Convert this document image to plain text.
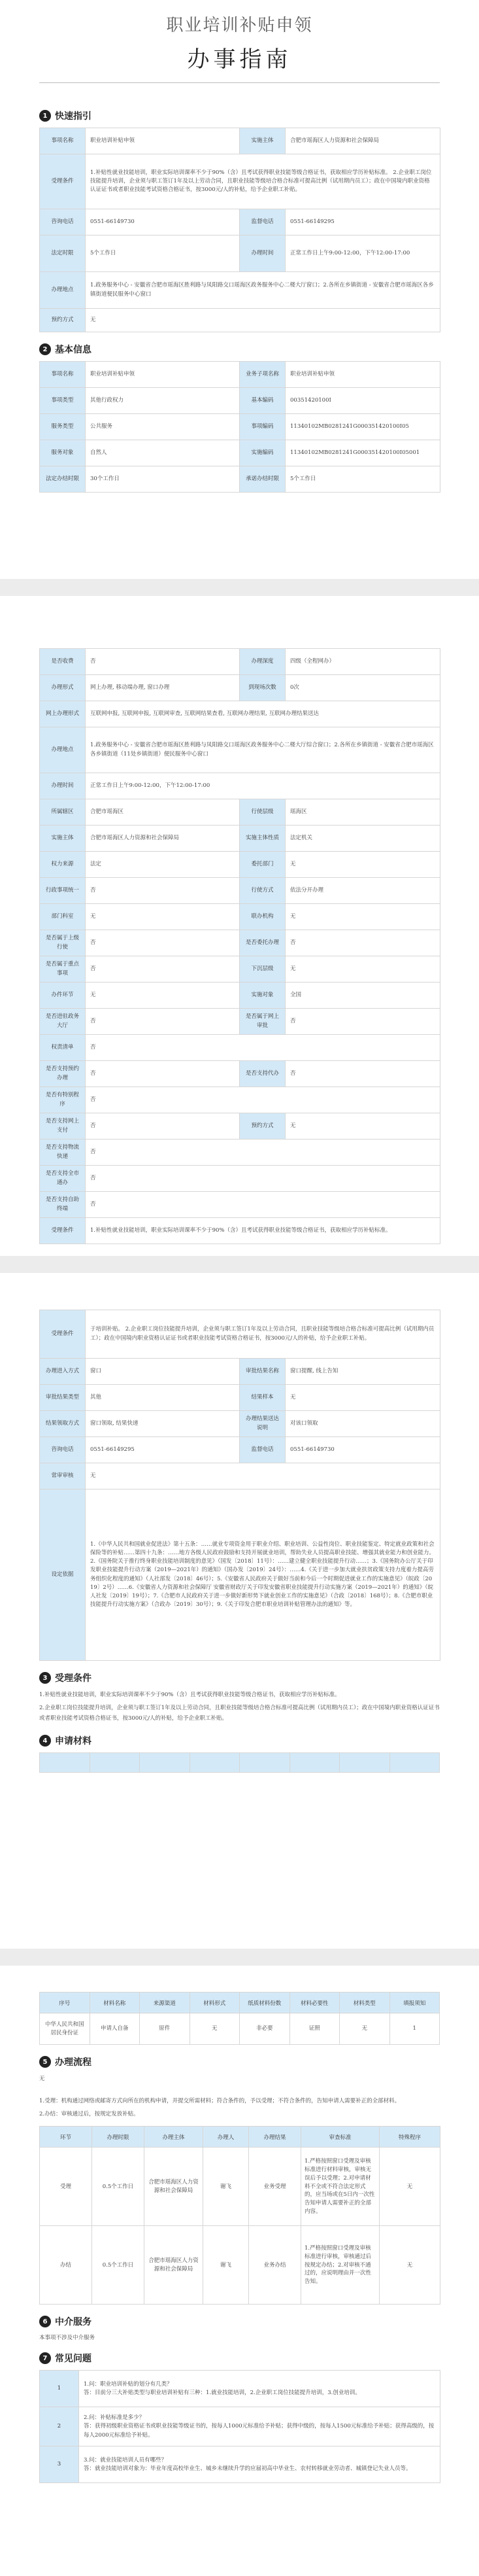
职业培训补贴申领
办事指南
1 快速指引
事项名称	职业培训补贴申领	实施主体	合肥市瑶海区人力资源和社会保障局
受理条件	1.补贴性就业技能培训，职业实际培训课率不少于90%（含）且考试获得职业技能等级合格证书，获取相应学历补贴标准。 2.企业职工岗位技能提升培训，企业须与职工签订1年及以上劳动合同，且职业技能等级培合格合标准可提高比例（试用期内员工）；政在中国境内职业资格认证证书或者职业技能考试资格合格证书，按3000元/人的补贴，给予企业职工补贴。		
咨询电话	0551-66149730	监督电话	0551-66149295
法定时限	5个工作日	办理时间	正常工作日上午9:00-12:00，下午12:00-17:00
办理地点	1.政务服务中心 - 安徽省合肥市瑶海区胜利路与凤阳路交口瑶海区政务服务中心二楼大厅窗口；2.各所在乡镇街道 - 安徽省合肥市瑶海区各乡镇街道便民服务中心窗口		
预约方式	无		
2 基本信息
事项名称	职业培训补贴申领	业务子项名称	职业培训补贴申领
事项类型	其他行政权力	基本编码	00351420100I
服务类型	公共服务	事项编码	11340102MB0281241G000351420100I05
服务对象	自然人	实施编码	11340102MB0281241G000351420100I05001
法定办结时限	30个工作日	承诺办结时限	5个工作日
是否收费	否	办理深度	四级（全程网办）
办理形式	网上办理, 移动端办理, 窗口办理	到现场次数	0次
网上办理形式	互联网申报, 互联网申报, 互联网审查, 互联网结果查看, 互联网办理结果, 互联网办理结果送达		
办理地点	1.政务服务中心 - 安徽省合肥市瑶海区胜利路与凤阳路交口瑶海区政务服务中心二楼大厅综合窗口；2.各所在乡镇街道 - 安徽省合肥市瑶海区各乡镇街道（11处乡镇街道）便民服务中心窗口		
办理时间	正常工作日上午9:00-12:00，下午12:00-17:00		
所属辖区	合肥市瑶海区	行使层级	瑶海区
实施主体	合肥市瑶海区人力资源和社会保障局	实施主体性质	法定机关
权力来源	法定	委托部门	无
行政事项统一	否	行使方式	依法分开办理
部门科室	无	联办机构	无
是否属于上级行使	否	是否委托办理	否
是否属于重点事项	否	下沉层级	无
办件环节	无	实施对象	全国
是否进驻政务大厅	否	是否属于网上审批	否
权责清单	否		
是否支持预约办理	否	是否支持代办	否
是否有特别程序	否		
是否支持网上支付	否	预约方式	无
是否支持物流快递	否		
是否支持全市通办	否		
是否支持自助终端	否		
受理条件	1.补贴性就业技能培训，职业实际培训课率不少于90%（含）且考试获得职业技能等级合格证书，获取相应学历补贴标准。		
受理条件	于培训补贴。 2.企业职工岗位技能提升培训，企业须与职工签订1年及以上劳动合同，且职业技能等级培合格合标准可提高比例（试用期内员工）；政在中国境内职业资格认证证书或者职业技能考试资格合格证书，按3000元/人的补贴，给予企业职工补贴。		
办理进入方式	窗口	审批结果名称	窗口提醒, 线上告知
审批结果类型	其他	结果样本	无
结果领取方式	窗口领取, 结果快递	办理结果送达说明	对该口领取
咨询电话	0551-66149295	监督电话	0551-66149730
常审审核	无		
设定依据	1.《中华人民共和国就业促进法》第十五条：……就业专项资金用于职业介绍、职业培训、公益性岗位、职业技能鉴定、特定就业政策和社会保险等的补贴……第四十九条：……地方各级人民政府鼓励和支持开展就业培训，帮助失业人员提高职业技能、增强其就业能力和创业能力。2.《国务院关于推行终身职业技能培训制度的意见》（国发〔2018〕11号）：……建立健全职业技能提升行动……；3.《国务院办公厅关于印发职业技能提升行动方案（2019—2021年）的通知》（国办发〔2019〕24号）：……4.《关于进一步加大就业扶贫政策支持力度着力提高劳务组织化程度的通知》（人社部发〔2018〕46号）；5.《安徽省人民政府关于做好当前和今后一个时期促进就业工作的实施意见》（皖政〔2019〕2号）……6.《安徽省人力资源和社会保障厅 安徽省财政厅关于印发安徽省职业技能提升行动实施方案（2019—2021年）的通知》（皖人社发〔2019〕19号）；7.《合肥市人民政府关于进一步做好新形势下就业创业工作的实施意见》（合政〔2018〕168号）；8.《合肥市职业技能提升行动实施方案》（合政办〔2019〕30号）；9.《关于印发合肥市职业培训补贴管理办法的通知》等。		
3 受理条件
1.补贴性就业技能培训，职业实际培训课率不少于90%（含）且考试获得职业技能等级合格证书，获取相应学历补贴标准。
2.企业职工岗位技能提升培训，企业须与职工签订1年及以上劳动合同，且职业技能等级培合格合标准可提高比例（试用期内员工）；政在中国境内职业资格认证证书或者职业技能考试资格合格证书，按3000元/人的补贴，给予企业职工补贴。
4 申请材料

序号	材料名称	来源渠道	材料形式	纸质材料份数	材料必要性	材料类型	填报须知
中华人民共和国居民身份证	申请人自备	原件	无	非必要	证照	无	1
5 办理流程
无
1.受理：机构通过网络或邮寄方式向所在的机构申请，并提交所需材料；符合条件的，予以受理；不符合条件的，告知申请人需要补正的全部材料。
2.办结：审核通过后，按规定发放补贴。
环节	办理时限	办理主体	办理人	办理结果	审查标准	特殊程序
受理	0.5个工作日	合肥市瑶海区人力资源和社会保障局	谢飞	业务受理	1.严格按照窗口受理及审核标准进行材料审核，审核无误后予以受理；2.对申请材料不全或不符合法定形式的，应当场或在5日内一次性告知申请人需要补正的全部内容。	无
办结	0.5个工作日	合肥市瑶海区人力资源和社会保障局	谢飞	业务办结	1.严格按照窗口受理及审核标准进行审核，审核通过后按规定办结；2.对审核不通过的，应说明理由并一次性告知。	无
6 中介服务
本事项不涉及中介服务
7 常见问题
1	1.问：职业培训补贴的划分有几类？
答：目前分三大补贴类型与职业培训补贴有三种：1.就业技能培训，2.企业职工岗位技能提升培训，3.创业培训。

2	2.问：补贴标准是多少？
答：获得初级职业资格证书或职业技能等级证书的，按每人1000元标准给予补贴；获得中级的，按每人1500元标准给予补贴；获得高级的，按每人2000元标准给予补贴。

3	3.问：就业技能培训人员有哪些？
答：就业技能培训对象为：毕业年度高校毕业生、城乡未继续升学的应届初高中毕业生、农村转移就业劳动者、城镇登记失业人员等。
